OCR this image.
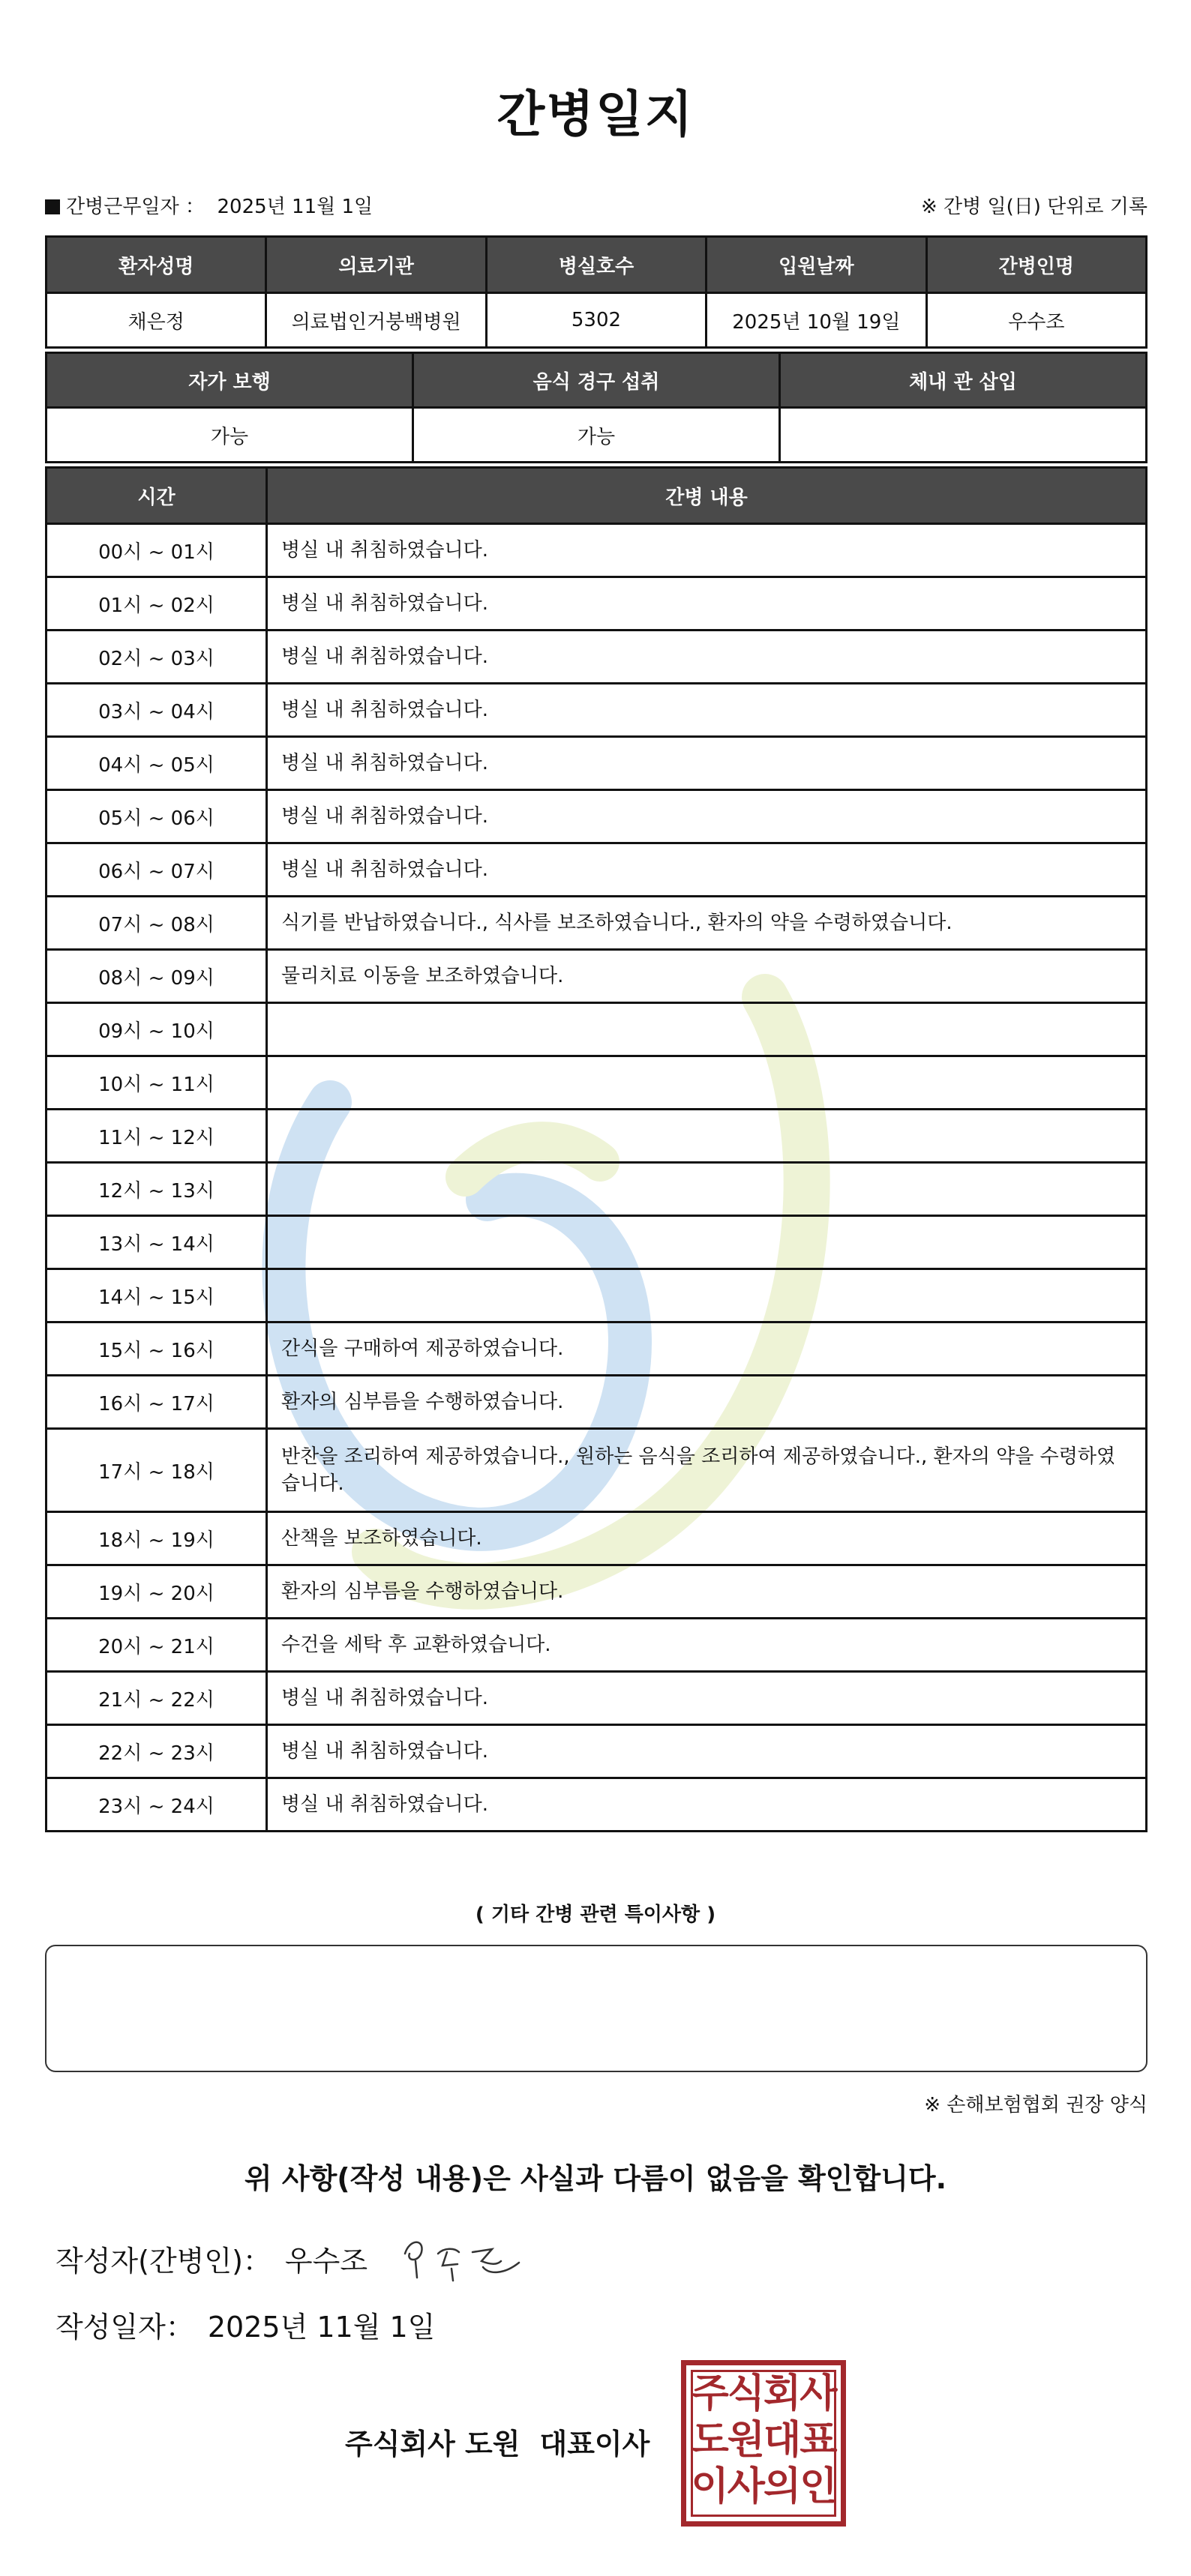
간병일지
간병근무일자 ： 2025년 11월 1일	※ 간병 일(日) 단위로 기록
환자성명	의료기관	병실호수	입원날짜	간병인명
채은정	의료법인거붕백병원	5302	2025년 10월 19일	우수조
자가 보행	음식 경구 섭취	체내 관 삽입
가능	가능	
시간	간병 내용
00시 ~ 01시	병실 내 취침하였습니다.
01시 ~ 02시	병실 내 취침하였습니다.
02시 ~ 03시	병실 내 취침하였습니다.
03시 ~ 04시	병실 내 취침하였습니다.
04시 ~ 05시	병실 내 취침하였습니다.
05시 ~ 06시	병실 내 취침하였습니다.
06시 ~ 07시	병실 내 취침하였습니다.
07시 ~ 08시	식기를 반납하였습니다., 식사를 보조하였습니다., 환자의 약을 수령하였습니다.
08시 ~ 09시	물리치료 이동을 보조하였습니다.
09시 ~ 10시	
10시 ~ 11시	
11시 ~ 12시	
12시 ~ 13시	
13시 ~ 14시	
14시 ~ 15시	
15시 ~ 16시	간식을 구매하여 제공하였습니다.
16시 ~ 17시	환자의 심부름을 수행하였습니다.
17시 ~ 18시	반찬을 조리하여 제공하였습니다., 원하는 음식을 조리하여 제공하였습니다., 환자의 약을 수령하였습니다.
18시 ~ 19시	산책을 보조하였습니다.
19시 ~ 20시	환자의 심부름을 수행하였습니다.
20시 ~ 21시	수건을 세탁 후 교환하였습니다.
21시 ~ 22시	병실 내 취침하였습니다.
22시 ~ 23시	병실 내 취침하였습니다.
23시 ~ 24시	병실 내 취침하였습니다.
( 기타 간병 관련 특이사항 )
※ 손해보험협회 권장 양식
위 사항(작성 내용)은 사실과 다름이 없음을 확인합니다.
작성자(간병인)： 우수조
작성일자： 2025년 11월 1일
주식회사 도원 대표이사
주식회사
도원대표
이사의인
